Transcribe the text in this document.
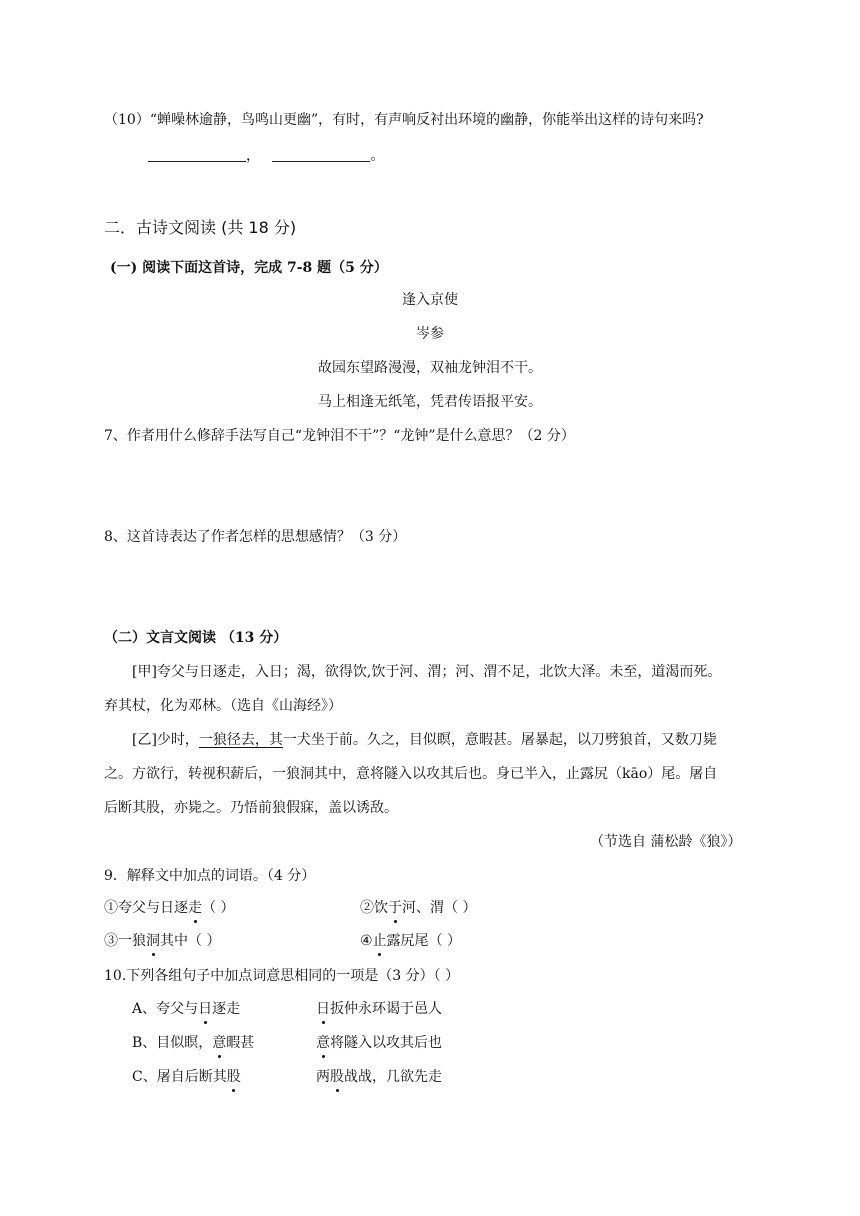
（10）“蝉噪林逾静，鸟鸣山更幽”，有时，有声响反衬出环境的幽静，你能举出这样的诗句来吗?
，	。
二．古诗文阅读 (共 18 分)
(一) 阅读下面这首诗，完成 7-8 题（5 分）
逢入京使
岑参
故园东望路漫漫，双袖龙钟泪不干。
马上相逢无纸笔，凭君传语报平安。
7、作者用什么修辞手法写自己“龙钟泪不干”？“龙钟”是什么意思？（2 分）
8、这首诗表达了作者怎样的思想感情？（3 分）
（二）文言文阅读 （13 分）
[甲]夸父与日逐走，入日；渴，欲得饮,饮于河、渭；河、渭不足，北饮大泽。未至，道渴而死。
弃其杖，化为邓林。（选自《山海经》）
[乙]少时，一狼径去，其一犬坐于前。久之，目似瞑，意暇甚。屠暴起，以刀劈狼首，又数刀毙
之。方欲行，转视积薪后，一狼洞其中，意将隧入以攻其后也。身已半入，止露尻（kāo）尾。屠自
后断其股，亦毙之。乃悟前狼假寐，盖以诱敌。
（节选自 蒲松龄《狼》）
9．解释文中加点的词语。（4 分）
①夸父与日逐走（ ）	②饮于河、渭（ ）
③一狼洞其中（ ）	④止露尻尾（ ）
10.下列各组句子中加点词意思相同的一项是（3 分）（ ）
A、夸父与日逐走	日扳仲永环谒于邑人
B、目似瞑，意暇甚	意将隧入以攻其后也
C、屠自后断其股	两股战战，几欲先走
